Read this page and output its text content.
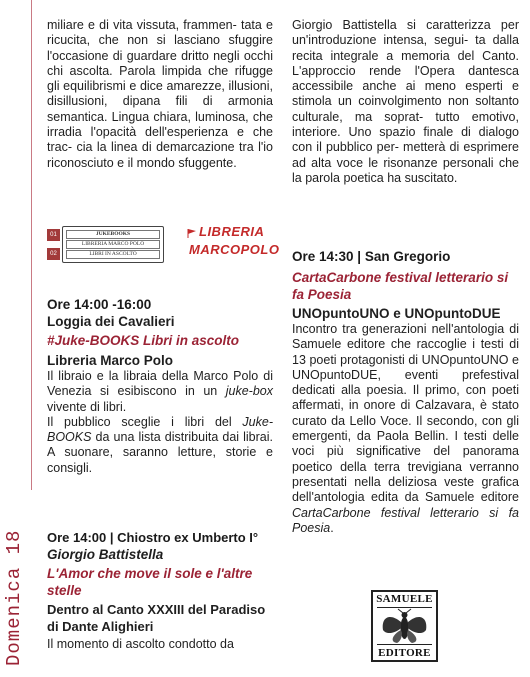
Domenica 18

miliare e di vita vissuta, frammen- tata e ricucita, che non si lasciano sfuggire l'occasione di guardare dritto negli occhi chi ascolta. Parola limpida che rifugge gli equilibrismi e dice amarezze, illusioni, disillusioni, dipana fili di armonia semantica. Lingua chiara, luminosa, che irradia l'opacità dell'esperienza e che trac- cia la linea di demarcazione tra l'io riconosciuto e il mondo sfuggente.

01
02
JUKEBOOKS
LIBRERIA MARCO POLO
LIBRI IN ASCOLTO
LIBRERIA
MARCOPOLO
Ore 14:00 -16:00
Loggia dei Cavalieri
#Juke-BOOKS Libri in ascolto
Libreria Marco Polo

Il libraio e la libraia della Marco Polo di Venezia si esibiscono in un juke-box vivente di libri.

Il pubblico sceglie i libri del Juke-BOOKS da una lista distribuita dai librai. A suonare, saranno letture, storie e consigli.

Ore 14:00 | Chiostro ex Umberto I°
Giorgio Battistella
L'Amor che move il sole e l'altre stelle
Dentro al Canto XXXIII del Paradiso di Dante Alighieri

Il momento di ascolto condotto da

Giorgio Battistella si caratterizza per un'introduzione intensa, segui- ta dalla recita integrale a memoria del Canto. L'approccio rende l'Opera dantesca accessibile anche ai meno esperti e stimola un coinvolgimento non soltanto culturale, ma soprat- tutto emotivo, interiore. Uno spazio finale di dialogo con il pubblico per- metterà di esprimere ad alta voce le risonanze personali che la parola poetica ha suscitato.

Ore 14:30 | San Gregorio
CartaCarbone festival letterario si fa Poesia
UNOpuntoUNO e UNOpuntoDUE

Incontro tra generazioni nell'antologia di Samuele editore che raccoglie i testi di 13 poeti protagonisti di UNOpuntoUNO e UNOpuntoDUE, eventi prefestival dedicati alla poesia. Il primo, con poeti affermati, in onore di Calzavara, è stato curato da Lello Voce. Il secondo, con gli emergenti, da Paola Bellin. I testi delle voci più significative del panorama poetico della terra trevigiana verranno presentati nella deliziosa veste grafica dell'antologia edita da Samuele editore CartaCarbone festival letterario si fa Poesia.

SAMUELE
EDITORE
